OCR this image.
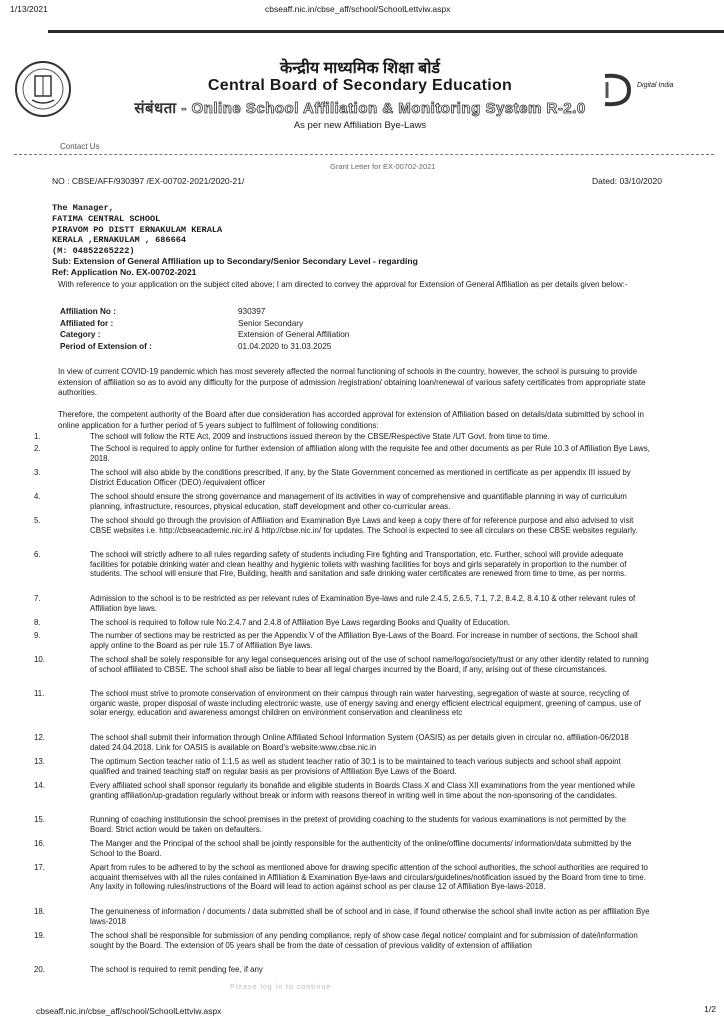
1/13/2021	cbseaff.nic.in/cbse_aff/school/SchoolLettviw.aspx
केन्द्रीय माध्यमिक शिक्षा बोर्ड
Central Board of Secondary Education
संबंधता - Online School Affiliation & Monitoring System R-2.0
As per new Affiliation Bye-Laws
Digital India
Contact Us
Grant Letter for EX-00702-2021
NO : CBSE/AFF/930397 /EX-00702-2021/2020-21/	Dated: 03/10/2020
The Manager,
FATIMA CENTRAL SCHOOL
PIRAVOM PO DISTT ERNAKULAM KERALA
KERALA ,ERNAKULAM , 686664
(M: 04852265222)
Sub: Extension of General Affiliation up to Secondary/Senior Secondary Level - regarding
Ref: Application No. EX-00702-2021
With reference to your application on the subject cited above; I am directed to convey the approval for Extension of General Affiliation as per details given below:-
Affiliation No :	930397
Affiliated for :	Senior Secondary
Category :	Extension of General Affiliation
Period of Extension of :	01.04.2020 to 31.03.2025
In view of current COVID-19 pandemic which has most severely affected the normal functioning of schools in the country, however, the school is pursuing to provide extension of affiliation so as to avoid any difficulty for the purpose of admission /registration/ obtaining loan/renewal of various safety certificates from appropriate state authorities.
Therefore, the competent authority of the Board after due consideration has accorded approval for extension of Affiliation based on details/data submitted by school in online application for a further period of 5 years subject to fulfilment of following conditions:
1.	The school will follow the RTE Act, 2009 and instructions issued thereon by the CBSE/Respective State /UT Govt. from time to time.
2.	The School is required to apply online for further extension of affiliation along with the requisite fee and other documents as per Rule 10.3 of Affiliation Bye Laws, 2018.
3.	The school will also abide by the conditions prescribed, if any, by the State Government concerned as mentioned in certificate as per appendix III issued by District Education Officer (DEO) /equivalent officer
4.	The school should ensure the strong governance and management of its activities in way of comprehensive and quantifiable planning in way of curriculum planning, infrastructure, resources, physical education, staff development and other co-curricular areas.
5.	The school should go through the provision of Affiliation and Examination Bye Laws and keep a copy there of for reference purpose and also advised to visit CBSE websites i.e. http://cbseacademic.nic.in/ & http://cbse.nic.in/ for updates. The School is expected to see all circulars on these CBSE websites regularly.
6.	The school will strictly adhere to all rules regarding safety of students including Fire fighting and Transportation, etc. Further, school will provide adequate facilities for potable drinking water and clean healthy and hygienic toilets with washing facilities for boys and girls separately in proportion to the number of students. The school will ensure that Fire, Building, health and sanitation and safe drinking water certificates are renewed from time to time, as per norms.
7.	Admission to the school is to be restricted as per relevant rules of Examination Bye-laws and rule 2.4.5, 2.6.5, 7.1, 7.2, 8.4.2, 8.4.10 & other relevant rules of Affiliation bye laws.
8.	The school is required to follow rule No.2.4.7 and 2.4.8 of Affiliation Bye Laws regarding Books and Quality of Education.
9.	The number of sections may be restricted as per the Appendix V of the Affiliation Bye-Laws of the Board. For increase in number of sections, the School shall apply online to the Board as per rule 15.7 of Affiliation Bye laws.
10.	The school shall be solely responsible for any legal consequences arising out of the use of school name/logo/society/trust or any other identity related to running of school affiliated to CBSE. The school shall also be liable to bear all legal charges incurred by the Board, if any, arising out of these circumstances.
11.	The school must strive to promote conservation of environment on their campus through rain water harvesting, segregation of waste at source, recycling of organic waste, proper disposal of waste including electronic waste, use of energy saving and energy efficient electrical equipment, greening of campus, use of solar energy, education and awareness amongst children on environment conservation and cleanliness etc
12.	The school shall submit their information through Online Affiliated School Information System (OASIS) as per details given in circular no. affiliation-06/2018 dated 24.04.2018. Link for OASIS is available on Board's website:www.cbse.nic.in
13.	The optimum Section teacher ratio of 1:1.5 as well as student teacher ratio of 30:1 is to be maintained to teach various subjects and school shall appoint qualified and trained teaching staff on regular basis as per provisions of Affiliation Bye Laws of the Board.
14.	Every affiliated school shall sponsor regularly its bonafide and eligible students in Boards Class X and Class XII examinations from the year mentioned while granting affiliation/up-gradation regularly without break or inform with reasons thereof in writing well in time about the non-sponsoring of the candidates.
15.	Running of coaching institutionsin the school premises in the pretext of providing coaching to the students for various examinations is not permitted by the Board. Strict action would be taken on defaulters.
16.	The Manger and the Principal of the school shall be jointly responsible for the authenticity of the online/offline documents/ information/data submitted by the School to the Board.
17.	Apart from rules to be adhered to by the school as mentioned above for drawing specific attention of the school authorities, the school authorities are required to acquaint themselves with all the rules contained in Affiliation & Examination Bye-laws and circulars/guidelines/notification issued by the Board from time to time. Any laxity in following rules/instructions of the Board will lead to action against school as per clause 12 of Affiliation Bye-laws-2018.
18.	The genuineness of information / documents / data submitted shall be of school and in case, if found otherwise the school shall invite action as per affiliation Bye laws-2018
19.	The school shall be responsible for submission of any pending compliance, reply of show case /legal notice/ complaint and for submission of date/information sought by the Board. The extension of 05 years shall be from the date of cessation of previous validity of extension of affiliation
20.	The school is required to remit pending fee, if any
Please log in to continue
cbseaff.nic.in/cbse_aff/school/SchoolLettviw.aspx	1/2
